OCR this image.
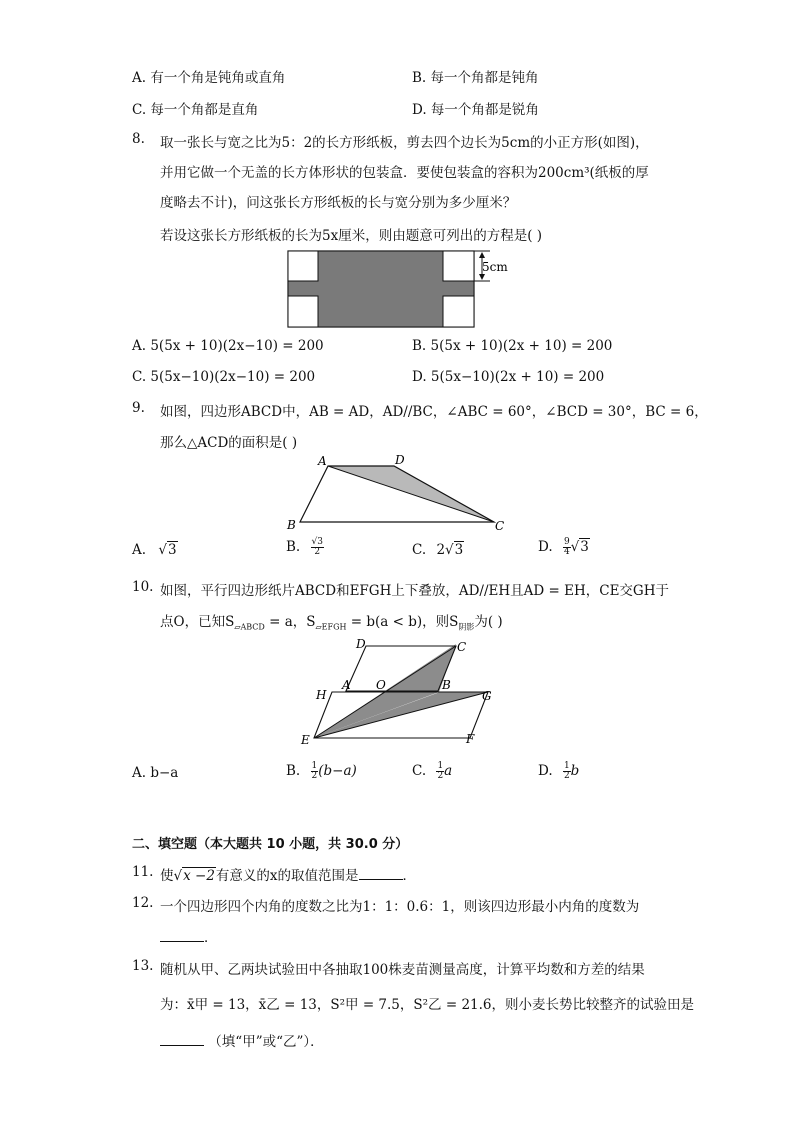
A. 有一个角是钝角或直角	B. 每一个角都是钝角
C. 每一个角都是直角	D. 每一个角都是锐角
8. 取一张长与宽之比为5：2的长方形纸板，剪去四个边长为5cm的小正方形(如图)，
并用它做一个无盖的长方体形状的包装盒．要使包装盒的容积为200cm³(纸板的厚
度略去不计)，问这张长方形纸板的长与宽分别为多少厘米？
若设这张长方形纸板的长为5x厘米，则由题意可列出的方程是( )
5cm
A. 5(5x + 10)(2x−10) = 200	B. 5(5x + 10)(2x + 10) = 200
C. 5(5x−10)(2x−10) = 200	D. 5(5x−10)(2x + 10) = 200
9. 如图，四边形ABCD中，AB = AD，AD//BC，∠ABC = 60°，∠BCD = 30°，BC = 6，
那么△ACD的面积是( )
A	D
B	C
A. √3	B. $\frac{√3}{2}$	C. 2√3	D. $\frac{9}{4} √3$
10. 如图，平行四边形纸片ABCD和EFGH上下叠放，AD//EH且AD = EH，CE交GH于
点O，已知$S_{▱ABCD} = a$，$S_{▱EFGH} = b(a < b)$，则$S_{阴影}$为( )
D	C
A O	B
H	G
E	F
A. b−a	B. $\frac{1}{2} (b-a)$	C. $\frac{1}{2}$ a	D. $\frac{1}{2}$ b
二、填空题（本大题共 10 小题，共 30.0 分）
11. 使√x −2有意义的x的取值范围是	．
12. 一个四边形四个内角的度数之比为1：1：0.6：1，则该四边形最小内角的度数为
．
13. 随机从甲、乙两块试验田中各抽取100株麦苗测量高度，计算平均数和方差的结果
为：x̄甲 = 13，x̄乙 = 13，S²甲 = 7.5，S²乙 = 21.6，则小麦长势比较整齐的试验田是
（填“甲”或“乙”）．
